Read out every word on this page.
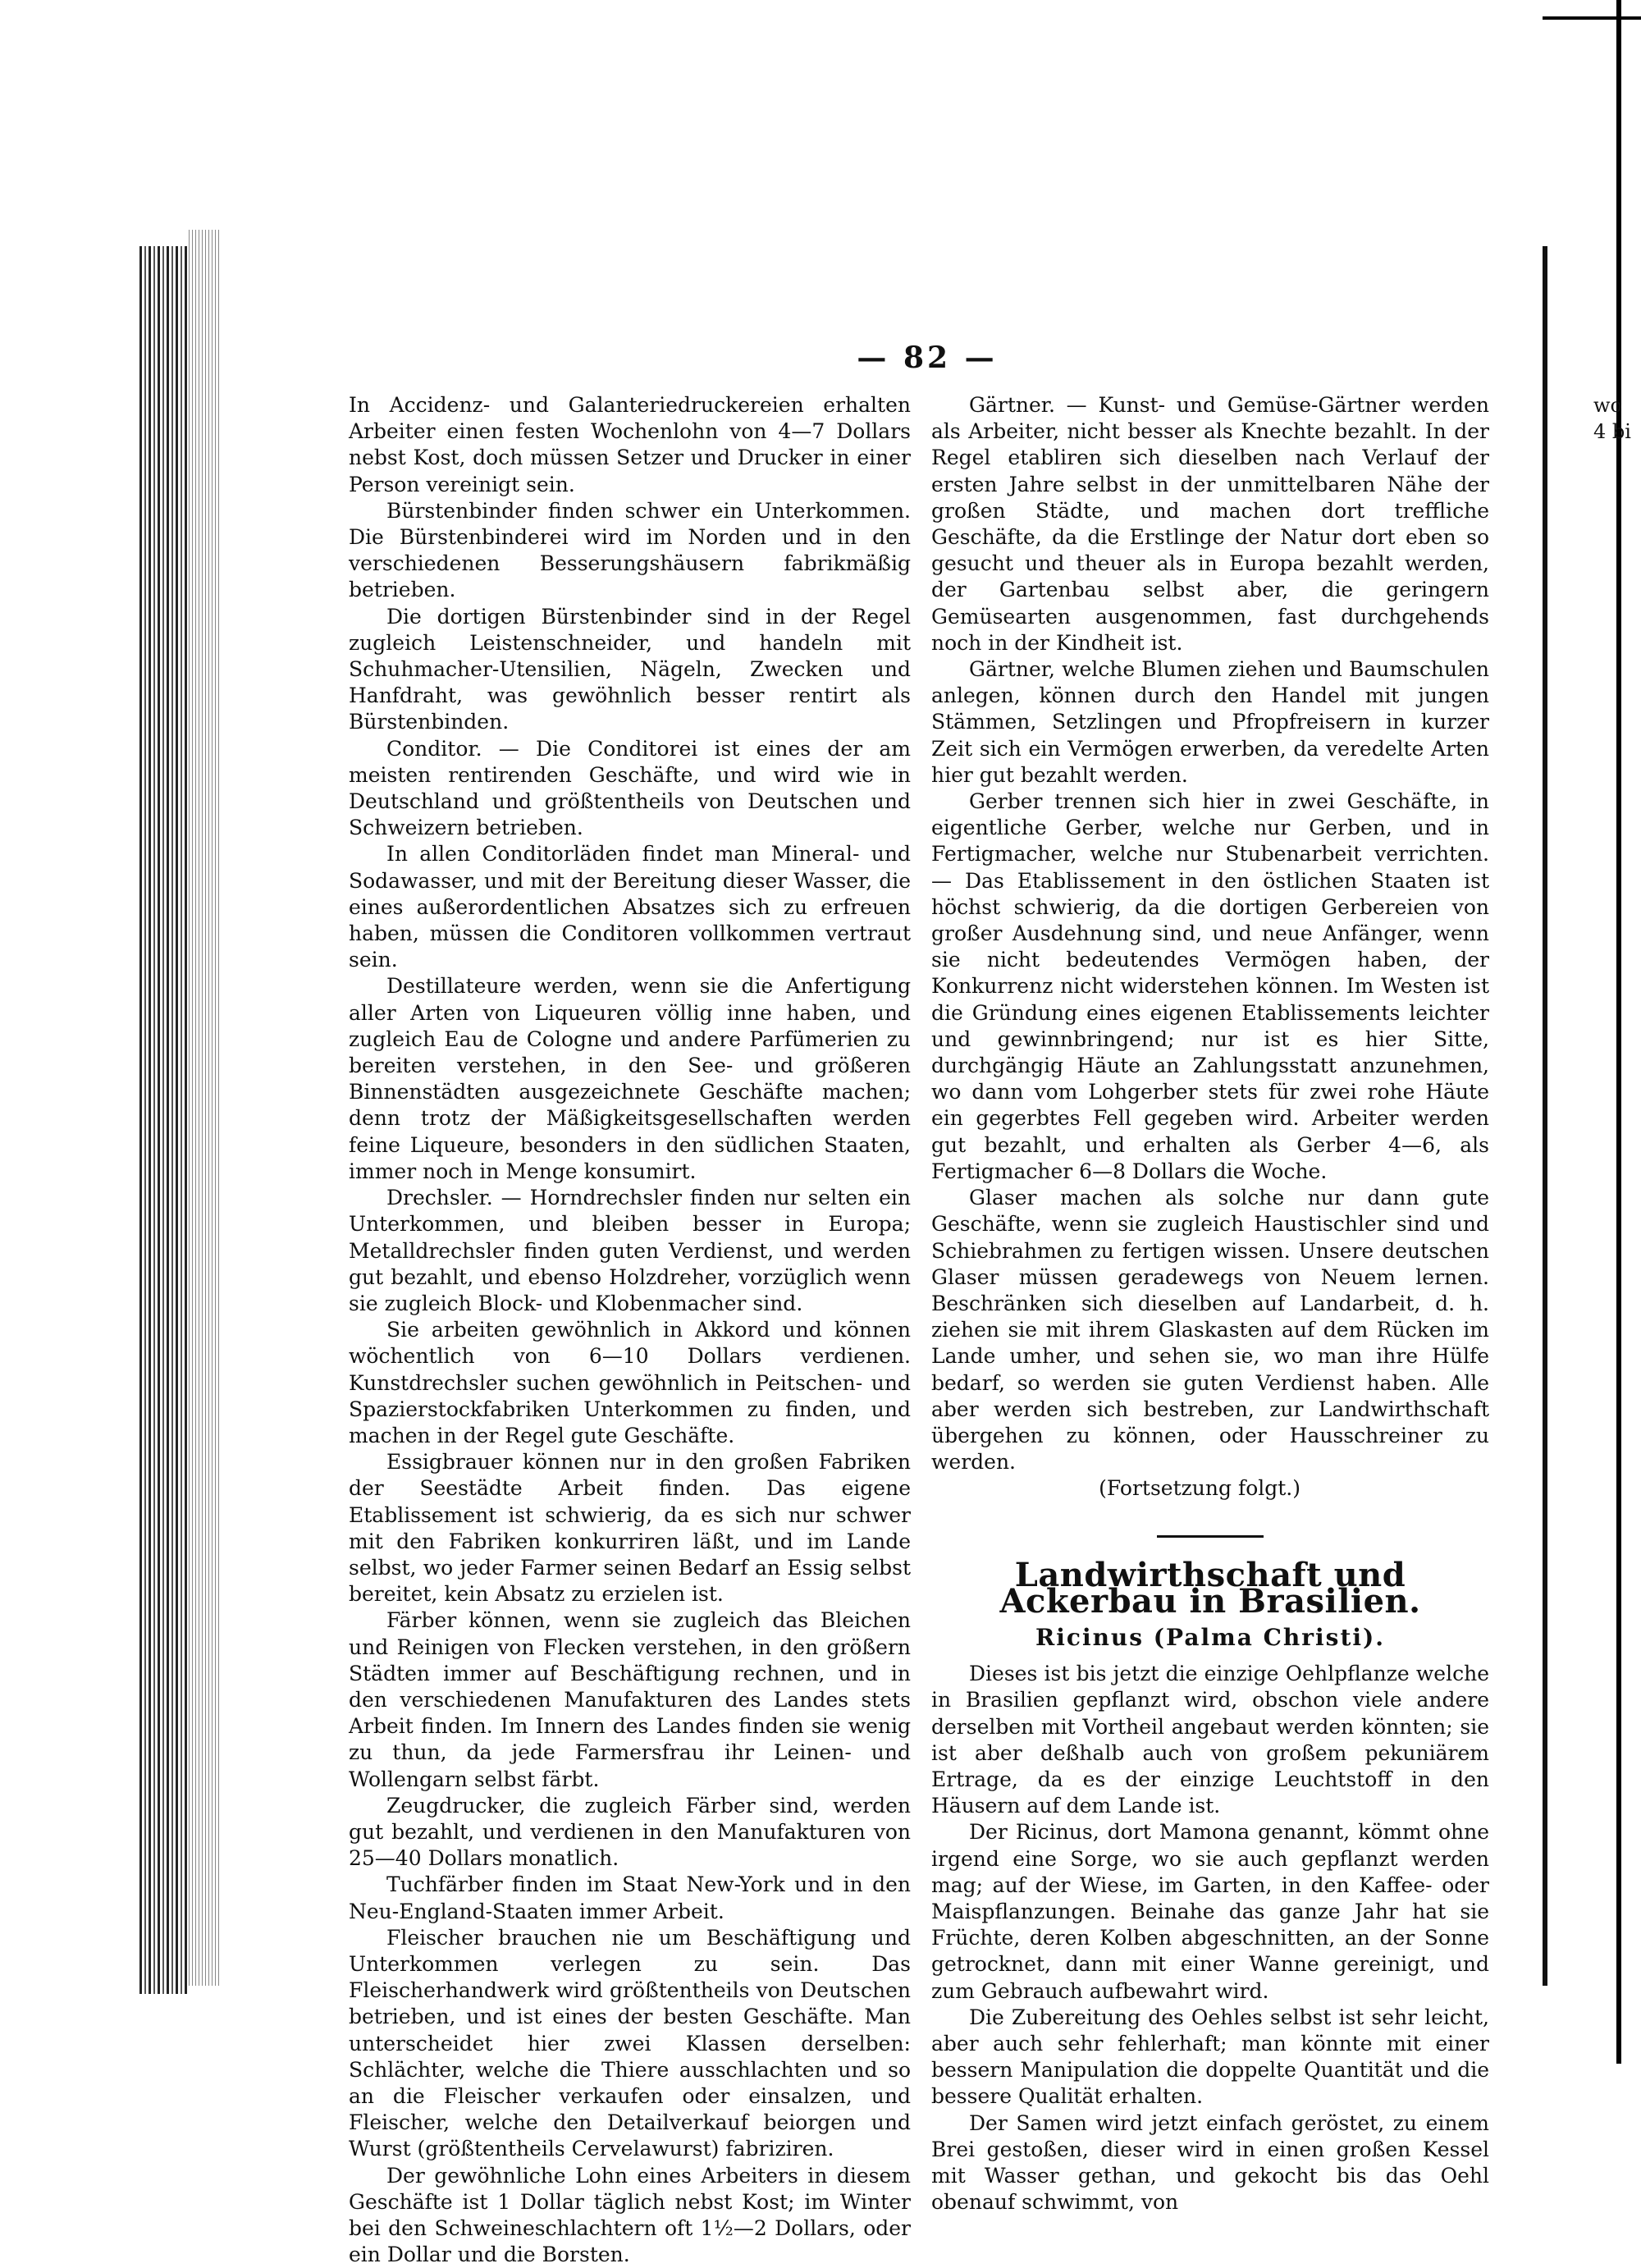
— 82 —

In Accidenz- und Galanteriedruckereien erhalten Arbeiter einen festen Wochenlohn von 4—7 Dollars nebst Kost, doch müssen Setzer und Drucker in einer Person vereinigt sein.

Bürstenbinder finden schwer ein Unterkommen. Die Bürstenbinderei wird im Norden und in den verschiedenen Besserungshäusern fabrikmäßig betrieben.

Die dortigen Bürstenbinder sind in der Regel zugleich Leistenschneider, und handeln mit Schuhmacher-Utensilien, Nägeln, Zwecken und Hanfdraht, was gewöhnlich besser rentirt als Bürstenbinden.

Conditor. — Die Conditorei ist eines der am meisten rentirenden Geschäfte, und wird wie in Deutschland und größtentheils von Deutschen und Schweizern betrieben.

In allen Conditorläden findet man Mineral- und Sodawasser, und mit der Bereitung dieser Wasser, die eines außerordentlichen Absatzes sich zu erfreuen haben, müssen die Conditoren vollkommen vertraut sein.

Destillateure werden, wenn sie die Anfertigung aller Arten von Liqueuren völlig inne haben, und zugleich Eau de Cologne und andere Parfümerien zu bereiten verstehen, in den See- und größeren Binnenstädten ausgezeichnete Geschäfte machen; denn trotz der Mäßigkeitsgesellschaften werden feine Liqueure, besonders in den südlichen Staaten, immer noch in Menge konsumirt.

Drechsler. — Horndrechsler finden nur selten ein Unterkommen, und bleiben besser in Europa; Metalldrechsler finden guten Verdienst, und werden gut bezahlt, und ebenso Holzdreher, vorzüglich wenn sie zugleich Block- und Klobenmacher sind.

Sie arbeiten gewöhnlich in Akkord und können wöchentlich von 6—10 Dollars verdienen. Kunstdrechsler suchen gewöhnlich in Peitschen- und Spazierstockfabriken Unterkommen zu finden, und machen in der Regel gute Geschäfte.

Essigbrauer können nur in den großen Fabriken der Seestädte Arbeit finden. Das eigene Etablissement ist schwierig, da es sich nur schwer mit den Fabriken konkurriren läßt, und im Lande selbst, wo jeder Farmer seinen Bedarf an Essig selbst bereitet, kein Absatz zu erzielen ist.

Färber können, wenn sie zugleich das Bleichen und Reinigen von Flecken verstehen, in den größern Städten immer auf Beschäftigung rechnen, und in den verschiedenen Manufakturen des Landes stets Arbeit finden. Im Innern des Landes finden sie wenig zu thun, da jede Farmersfrau ihr Leinen- und Wollengarn selbst färbt.

Zeugdrucker, die zugleich Färber sind, werden gut bezahlt, und verdienen in den Manufakturen von 25—40 Dollars monatlich.

Tuchfärber finden im Staat New-York und in den Neu-England-Staaten immer Arbeit.

Fleischer brauchen nie um Beschäftigung und Unterkommen verlegen zu sein. Das Fleischerhandwerk wird größtentheils von Deutschen betrieben, und ist eines der besten Geschäfte. Man unterscheidet hier zwei Klassen derselben: Schlächter, welche die Thiere ausschlachten und so an die Fleischer verkaufen oder einsalzen, und Fleischer, welche den Detailverkauf beiorgen und Wurst (größtentheils Cervelawurst) fabriziren.

Der gewöhnliche Lohn eines Arbeiters in diesem Geschäfte ist 1 Dollar täglich nebst Kost; im Winter bei den Schweineschlachtern oft 1½—2 Dollars, oder ein Dollar und die Borsten.

Gärtner. — Kunst- und Gemüse-Gärtner werden als Arbeiter, nicht besser als Knechte bezahlt. In der Regel etabliren sich dieselben nach Verlauf der ersten Jahre selbst in der unmittelbaren Nähe der großen Städte, und machen dort treffliche Geschäfte, da die Erstlinge der Natur dort eben so gesucht und theuer als in Europa bezahlt werden, der Gartenbau selbst aber, die geringern Gemüsearten ausgenommen, fast durchgehends noch in der Kindheit ist.

Gärtner, welche Blumen ziehen und Baumschulen anlegen, können durch den Handel mit jungen Stämmen, Setzlingen und Pfropfreisern in kurzer Zeit sich ein Vermögen erwerben, da veredelte Arten hier gut bezahlt werden.

Gerber trennen sich hier in zwei Geschäfte, in eigentliche Gerber, welche nur Gerben, und in Fertigmacher, welche nur Stubenarbeit verrichten. — Das Etablissement in den östlichen Staaten ist höchst schwierig, da die dortigen Gerbereien von großer Ausdehnung sind, und neue Anfänger, wenn sie nicht bedeutendes Vermögen haben, der Konkurrenz nicht widerstehen können. Im Westen ist die Gründung eines eigenen Etablissements leichter und gewinnbringend; nur ist es hier Sitte, durchgängig Häute an Zahlungsstatt anzunehmen, wo dann vom Lohgerber stets für zwei rohe Häute ein gegerbtes Fell gegeben wird. Arbeiter werden gut bezahlt, und erhalten als Gerber 4—6, als Fertigmacher 6—8 Dollars die Woche.

Glaser machen als solche nur dann gute Geschäfte, wenn sie zugleich Haustischler sind und Schiebrahmen zu fertigen wissen. Unsere deutschen Glaser müssen geradewegs von Neuem lernen. Beschränken sich dieselben auf Landarbeit, d. h. ziehen sie mit ihrem Glaskasten auf dem Rücken im Lande umher, und sehen sie, wo man ihre Hülfe bedarf, so werden sie guten Verdienst haben. Alle aber werden sich bestreben, zur Landwirthschaft übergehen zu können, oder Hausschreiner zu werden.

(Fortsetzung folgt.)

Landwirthschaft und Ackerbau in Brasilien.
Ricinus (Palma Christi).

Dieses ist bis jetzt die einzige Oehlpflanze welche in Brasilien gepflanzt wird, obschon viele andere derselben mit Vortheil angebaut werden könnten; sie ist aber deßhalb auch von großem pekuniärem Ertrage, da es der einzige Leuchtstoff in den Häusern auf dem Lande ist.

Der Ricinus, dort Mamona genannt, kömmt ohne irgend eine Sorge, wo sie auch gepflanzt werden mag; auf der Wiese, im Garten, in den Kaffee- oder Maispflanzungen. Beinahe das ganze Jahr hat sie Früchte, deren Kolben abgeschnitten, an der Sonne getrocknet, dann mit einer Wanne gereinigt, und zum Gebrauch aufbewahrt wird.

Die Zubereitung des Oehles selbst ist sehr leicht, aber auch sehr fehlerhaft; man könnte mit einer bessern Manipulation die doppelte Quantität und die bessere Qualität erhalten.

Der Samen wird jetzt einfach geröstet, zu einem Brei gestoßen, dieser wird in einen großen Kessel mit Wasser gethan, und gekocht bis das Oehl obenauf schwimmt, von

wo
4 bi
